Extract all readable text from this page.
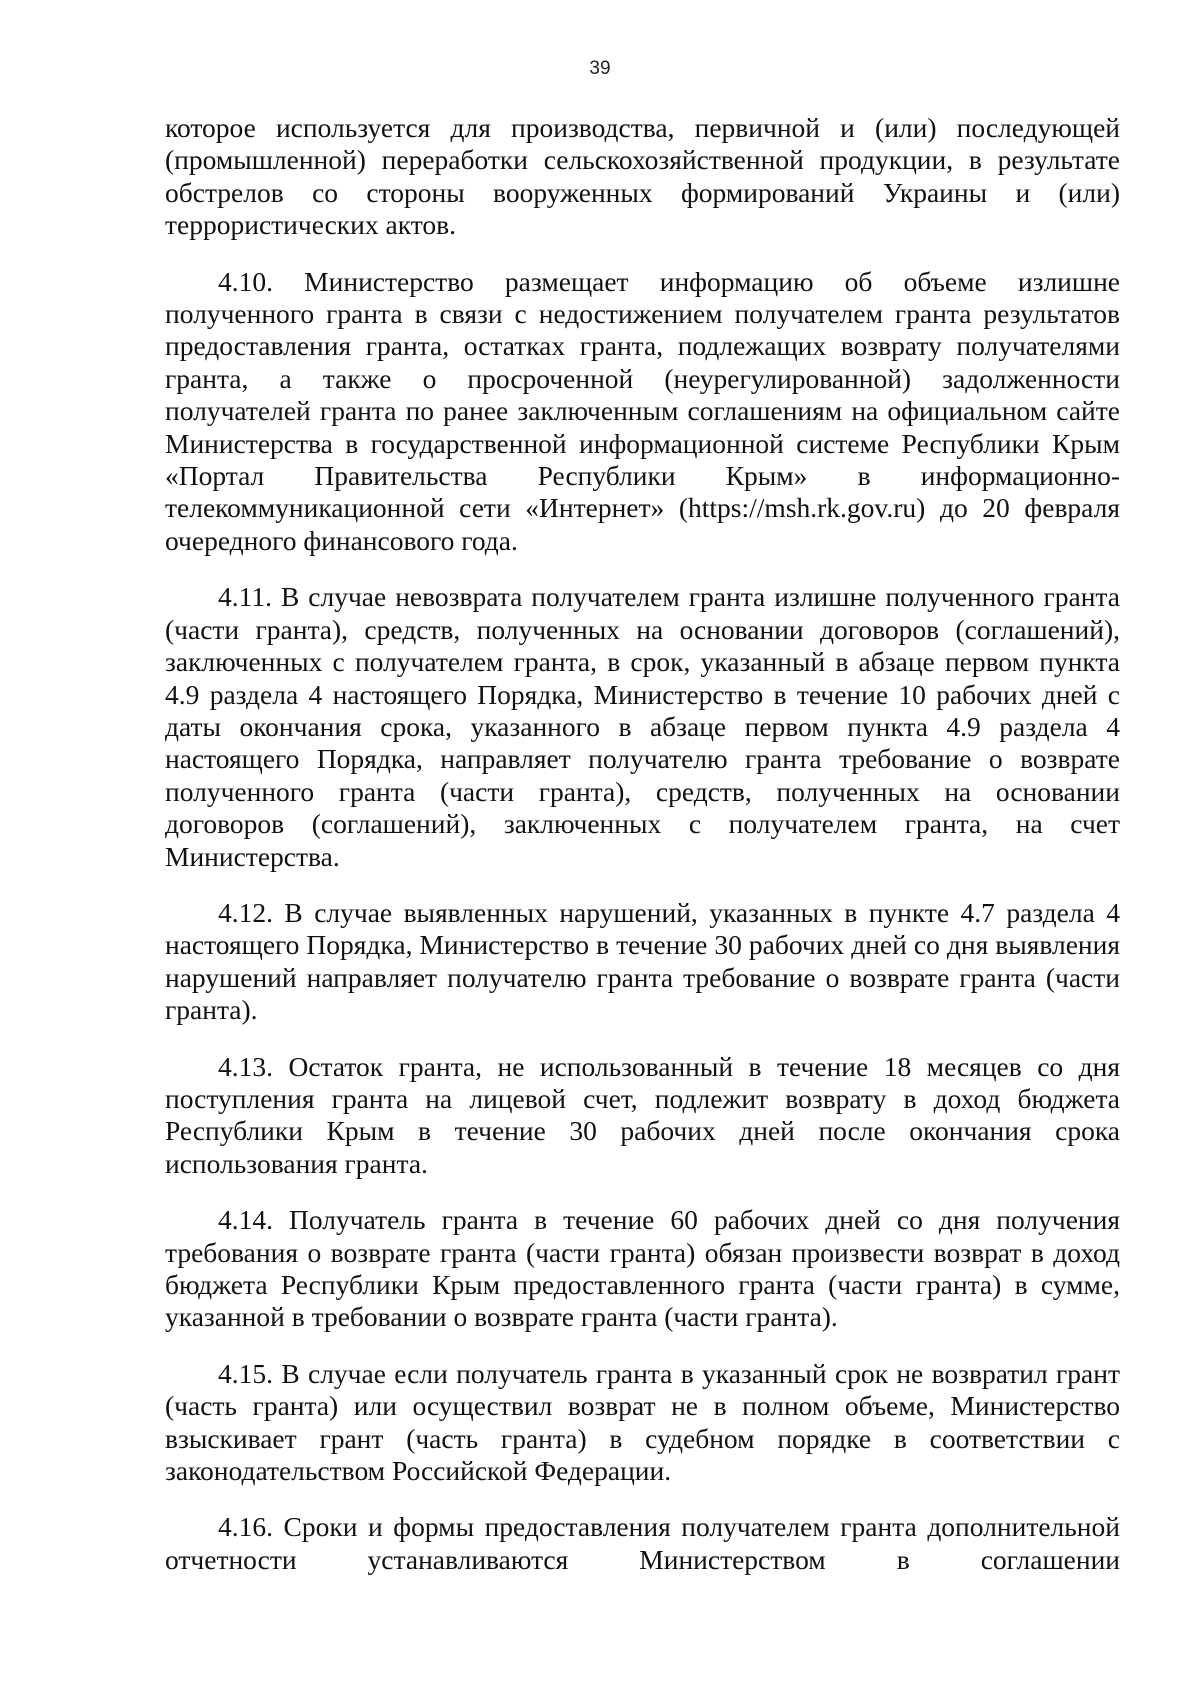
39

которое используется для производства, первичной и (или) последующей (промышленной) переработки сельскохозяйственной продукции, в результате обстрелов со стороны вооруженных формирований Украины и (или) террористических актов.

4.10. Министерство размещает информацию об объеме излишне полученного гранта в связи с недостижением получателем гранта результатов предоставления гранта, остатках гранта, подлежащих возврату получателями гранта, а также о просроченной (неурегулированной) задолженности получателей гранта по ранее заключенным соглашениям на официальном сайте Министерства в государственной информационной системе Республики Крым «Портал Правительства Республики Крым» в информационно-телекоммуникационной сети «Интернет» (https://msh.rk.gov.ru) до 20 февраля очередного финансового года.

4.11. В случае невозврата получателем гранта излишне полученного гранта (части гранта), средств, полученных на основании договоров (соглашений), заключенных с получателем гранта, в срок, указанный в абзаце первом пункта 4.9 раздела 4 настоящего Порядка, Министерство в течение 10 рабочих дней с даты окончания срока, указанного в абзаце первом пункта 4.9 раздела 4 настоящего Порядка, направляет получателю гранта требование о возврате полученного гранта (части гранта), средств, полученных на основании договоров (соглашений), заключенных с получателем гранта, на счет Министерства.

4.12. В случае выявленных нарушений, указанных в пункте 4.7 раздела 4 настоящего Порядка, Министерство в течение 30 рабочих дней со дня выявления нарушений направляет получателю гранта требование о возврате гранта (части гранта).

4.13. Остаток гранта, не использованный в течение 18 месяцев со дня поступления гранта на лицевой счет, подлежит возврату в доход бюджета Республики Крым в течение 30 рабочих дней после окончания срока использования гранта.

4.14. Получатель гранта в течение 60 рабочих дней со дня получения требования о возврате гранта (части гранта) обязан произвести возврат в доход бюджета Республики Крым предоставленного гранта (части гранта) в сумме, указанной в требовании о возврате гранта (части гранта).

4.15. В случае если получатель гранта в указанный срок не возвратил грант (часть гранта) или осуществил возврат не в полном объеме, Министерство взыскивает грант (часть гранта) в судебном порядке в соответствии с законодательством Российской Федерации.

4.16. Сроки и формы предоставления получателем гранта дополнительной отчетности устанавливаются Министерством в соглашении
